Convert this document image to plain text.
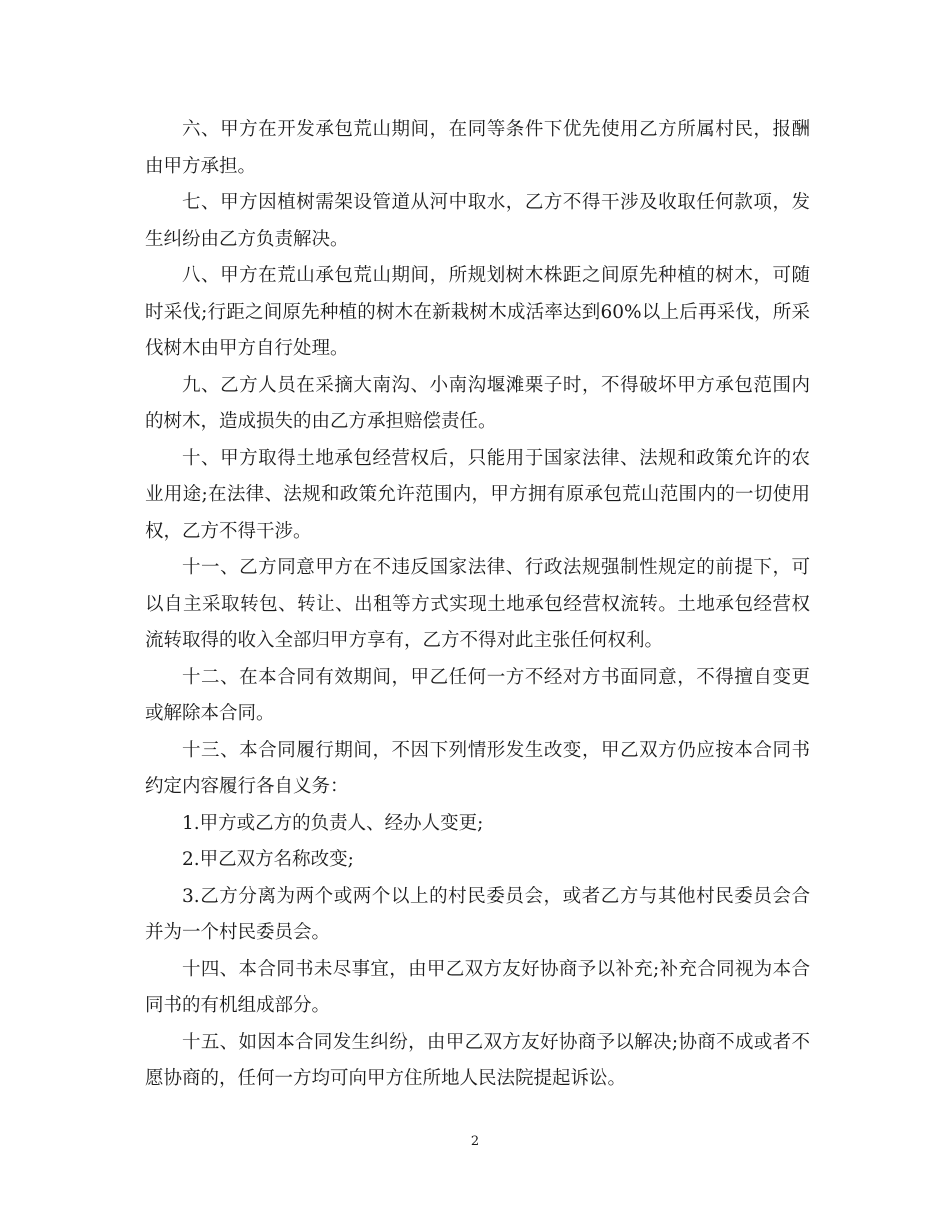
六、甲方在开发承包荒山期间，在同等条件下优先使用乙方所属村民，报酬由甲方承担。

七、甲方因植树需架设管道从河中取水，乙方不得干涉及收取任何款项，发生纠纷由乙方负责解决。

八、甲方在荒山承包荒山期间，所规划树木株距之间原先种植的树木，可随时采伐;行距之间原先种植的树木在新栽树木成活率达到60%以上后再采伐，所采伐树木由甲方自行处理。

九、乙方人员在采摘大南沟、小南沟堰滩栗子时，不得破坏甲方承包范围内的树木，造成损失的由乙方承担赔偿责任。

十、甲方取得土地承包经营权后，只能用于国家法律、法规和政策允许的农业用途;在法律、法规和政策允许范围内，甲方拥有原承包荒山范围内的一切使用权，乙方不得干涉。

十一、乙方同意甲方在不违反国家法律、行政法规强制性规定的前提下，可以自主采取转包、转让、出租等方式实现土地承包经营权流转。土地承包经营权流转取得的收入全部归甲方享有，乙方不得对此主张任何权利。

十二、在本合同有效期间，甲乙任何一方不经对方书面同意，不得擅自变更或解除本合同。

十三、本合同履行期间，不因下列情形发生改变，甲乙双方仍应按本合同书约定内容履行各自义务：

1.甲方或乙方的负责人、经办人变更;

2.甲乙双方名称改变;

3.乙方分离为两个或两个以上的村民委员会，或者乙方与其他村民委员会合并为一个村民委员会。

十四、本合同书未尽事宜，由甲乙双方友好协商予以补充;补充合同视为本合同书的有机组成部分。

十五、如因本合同发生纠纷，由甲乙双方友好协商予以解决;协商不成或者不愿协商的，任何一方均可向甲方住所地人民法院提起诉讼。

2
